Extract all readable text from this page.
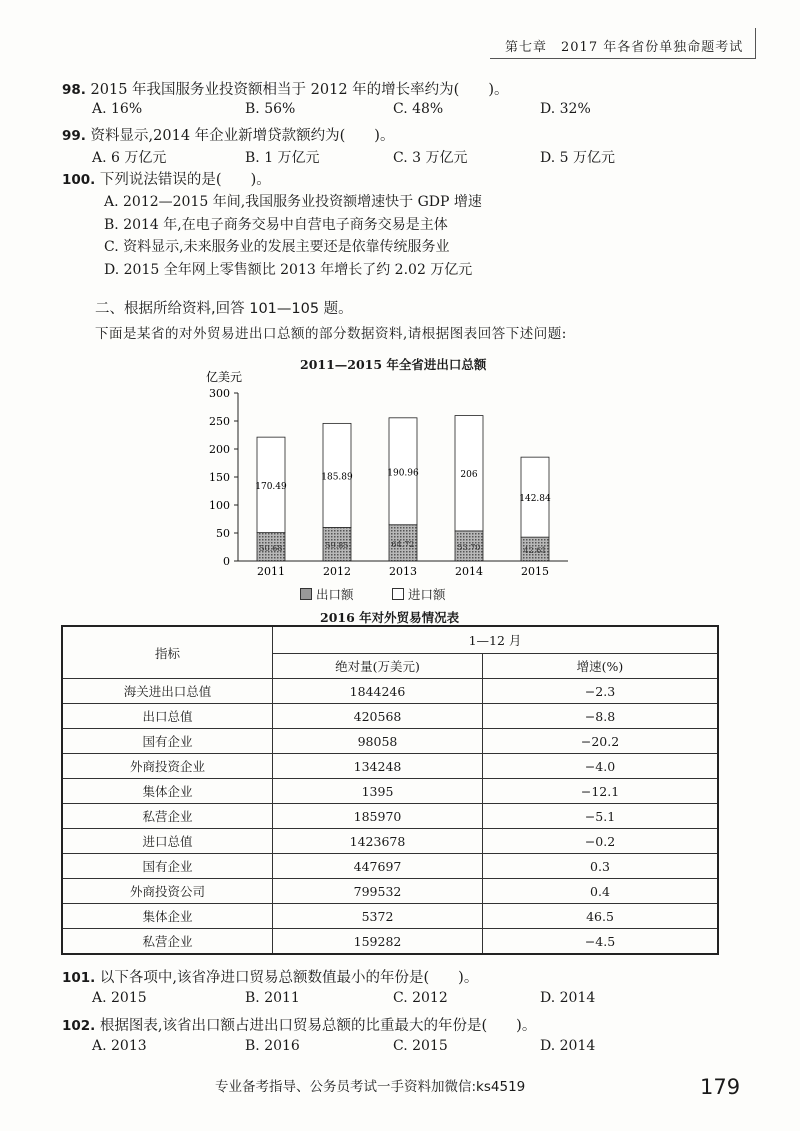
第七章　2017 年各省份单独命题考试
98. 2015 年我国服务业投资额相当于 2012 年的增长率约为(　　)。
A. 16%	B. 56%	C. 48%	D. 32%
99. 资料显示,2014 年企业新增贷款额约为(　　)。
A. 6 万亿元	B. 1 万亿元	C. 3 万亿元	D. 5 万亿元
100. 下列说法错误的是(　　)。
A. 2012—2015 年间,我国服务业投资额增速快于 GDP 增速
B. 2014 年,在电子商务交易中自营电子商务交易是主体
C. 资料显示,未来服务业的发展主要还是依靠传统服务业
D. 2015 全年网上零售额比 2013 年增长了约 2.02 万亿元
二、根据所给资料,回答 101—105 题。
下面是某省的对外贸易进出口总额的部分数据资料,请根据图表回答下述问题:
2011—2015 年全省进出口总额
亿美元
0
50
100
150
200
250
300
170.49
50.68
185.89
59.85
190.96
64.72
206
53.70
142.84
42.61
2011	2012	2013	2014	2015
出口额	进口额
2016 年对外贸易情况表
指标	1—12 月	
	绝对量(万美元)	增速(%)
海关进出口总值	1844246	−2.3
出口总值	420568	−8.8
国有企业	98058	−20.2
外商投资企业	134248	−4.0
集体企业	1395	−12.1
私营企业	185970	−5.1
进口总值	1423678	−0.2
国有企业	447697	0.3
外商投资公司	799532	0.4
集体企业	5372	46.5
私营企业	159282	−4.5
101. 以下各项中,该省净进口贸易总额数值最小的年份是(　　)。
A. 2015	B. 2011	C. 2012	D. 2014
102. 根据图表,该省出口额占进出口贸易总额的比重最大的年份是(　　)。
A. 2013	B. 2016	C. 2015	D. 2014
专业备考指导、公务员考试一手资料加微信:ks4519	179
